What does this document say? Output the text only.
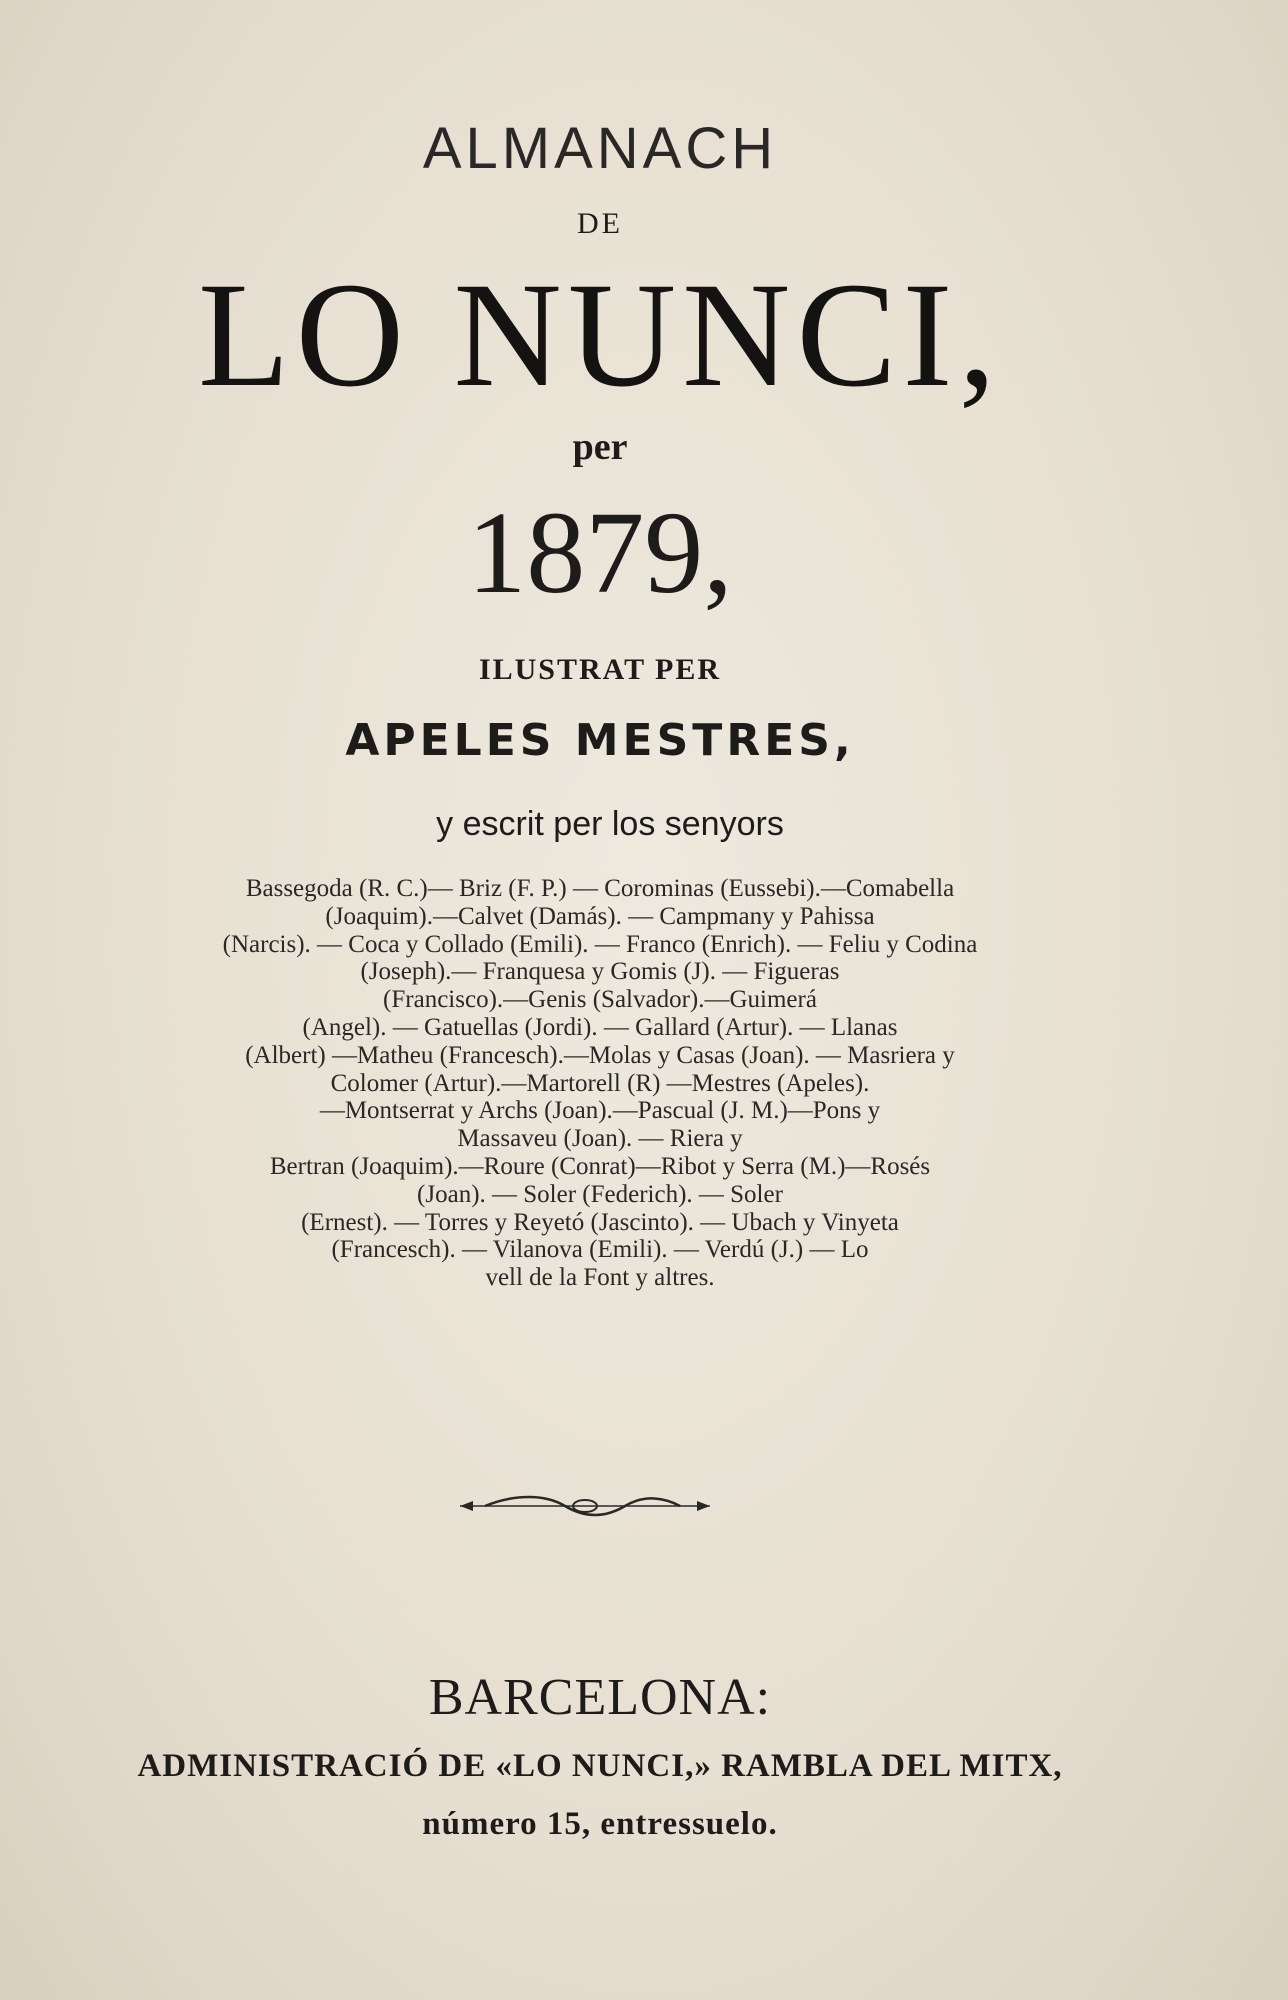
ALMANACH
DE
LO NUNCI,
per
1879,
ILUSTRAT PER
APELES MESTRES,
y escrit per los senyors
Bassegoda (R. C.)— Briz (F. P.) — Corominas (Eussebi).—Comabella
(Joaquim).—Calvet (Damás). — Campmany y Pahissa
(Narcis). — Coca y Collado (Emili). — Franco (Enrich). — Feliu y Codina
(Joseph).— Franquesa y Gomis (J). — Figueras
(Francisco).—Genis (Salvador).—Guimerá
(Angel). — Gatuellas (Jordi). — Gallard (Artur). — Llanas
(Albert) —Matheu (Francesch).—Molas y Casas (Joan). — Masriera y
Colomer (Artur).—Martorell (R) —Mestres (Apeles).
—Montserrat y Archs (Joan).—Pascual (J. M.)—Pons y
Massaveu (Joan). — Riera y
Bertran (Joaquim).—Roure (Conrat)—Ribot y Serra (M.)—Rosés
(Joan). — Soler (Federich). — Soler
(Ernest). — Torres y Reyetó (Jascinto). — Ubach y Vinyeta
(Francesch). — Vilanova (Emili). — Verdú (J.) — Lo
vell de la Font y altres.
BARCELONA:
ADMINISTRACIÓ DE «LO NUNCI,» RAMBLA DEL MITX,
número 15, entressuelo.
